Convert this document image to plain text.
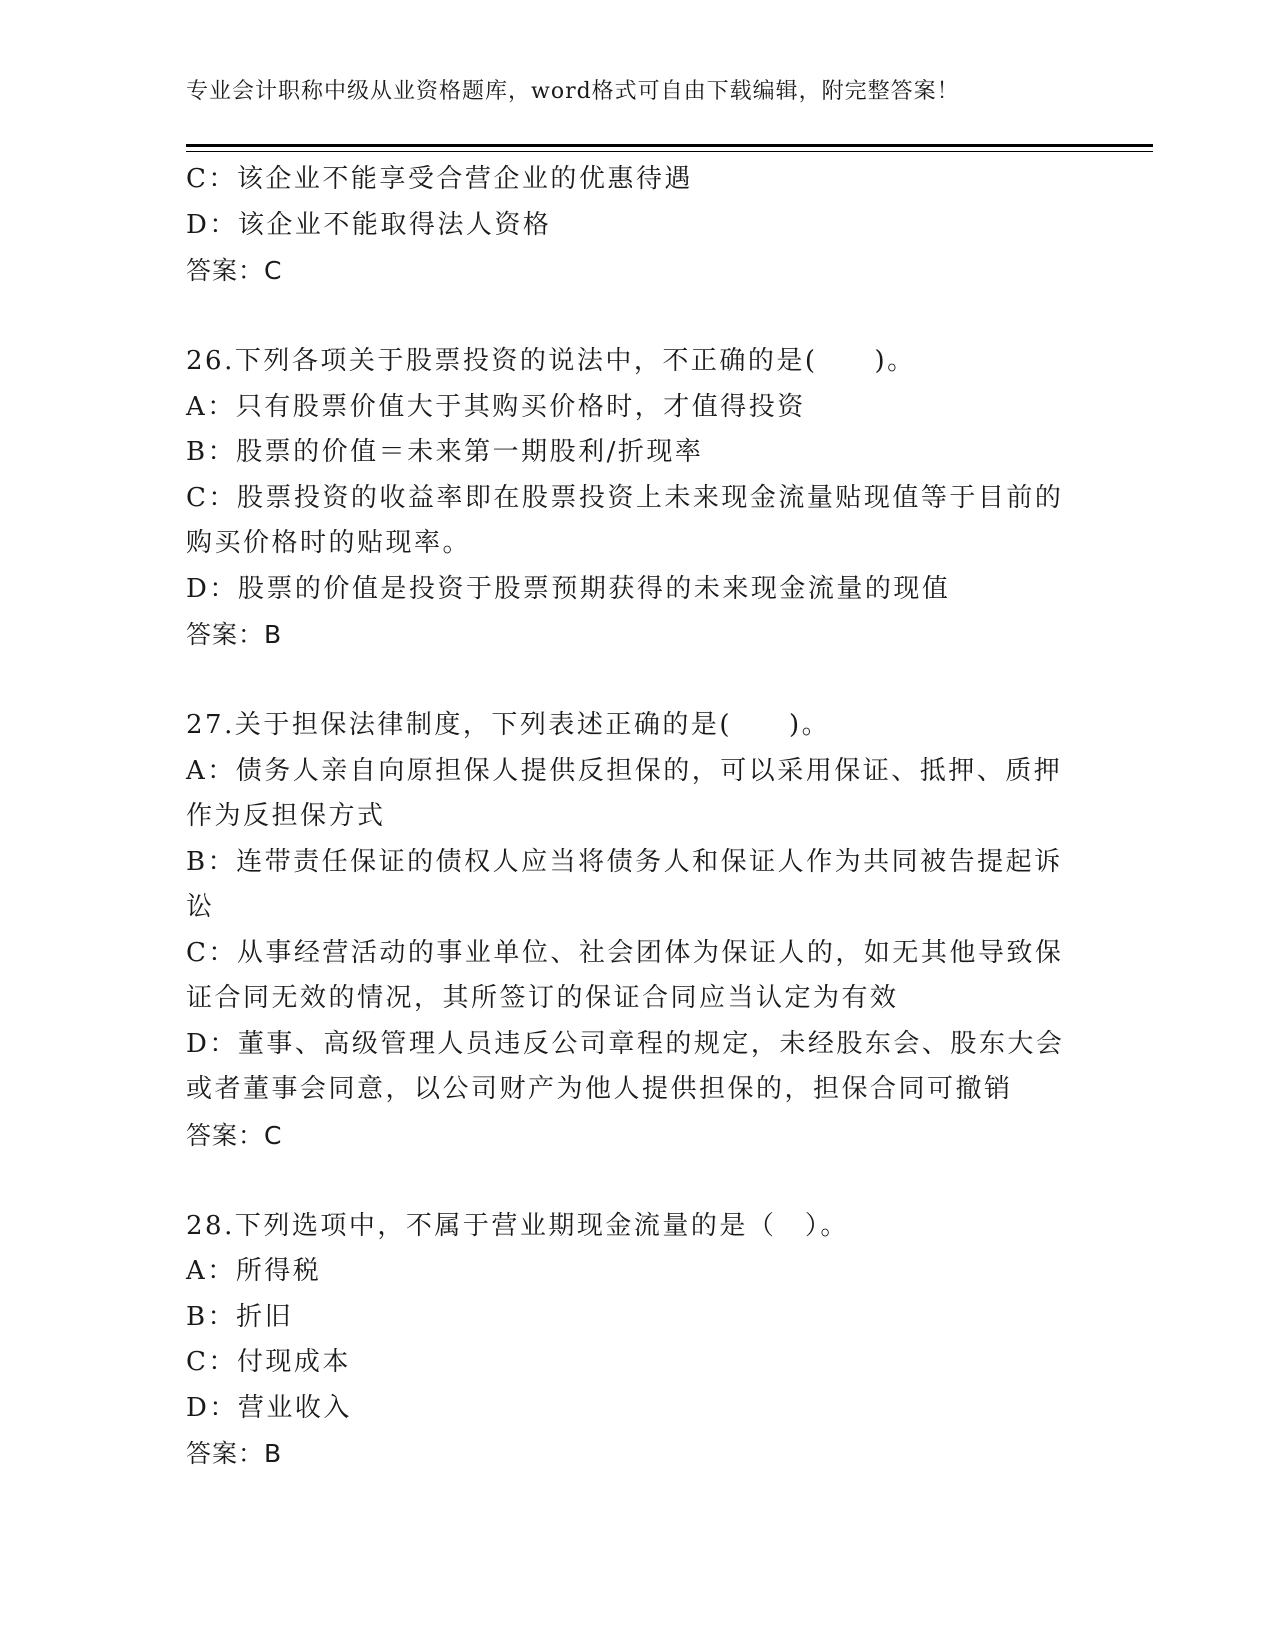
专业会计职称中级从业资格题库，word格式可自由下载编辑，附完整答案！
C：该企业不能享受合营企业的优惠待遇
D：该企业不能取得法人资格
答案：C
26.下列各项关于股票投资的说法中，不正确的是(　　)。
A：只有股票价值大于其购买价格时，才值得投资
B：股票的价值＝未来第一期股利/折现率
C：股票投资的收益率即在股票投资上未来现金流量贴现值等于目前的
购买价格时的贴现率。
D：股票的价值是投资于股票预期获得的未来现金流量的现值
答案：B
27.关于担保法律制度，下列表述正确的是(　　)。
A：债务人亲自向原担保人提供反担保的，可以采用保证、抵押、质押
作为反担保方式
B：连带责任保证的债权人应当将债务人和保证人作为共同被告提起诉
讼
C：从事经营活动的事业单位、社会团体为保证人的，如无其他导致保
证合同无效的情况，其所签订的保证合同应当认定为有效
D：董事、高级管理人员违反公司章程的规定，未经股东会、股东大会
或者董事会同意，以公司财产为他人提供担保的，担保合同可撤销
答案：C
28.下列选项中，不属于营业期现金流量的是（　）。
A：所得税
B：折旧
C：付现成本
D：营业收入
答案：B
